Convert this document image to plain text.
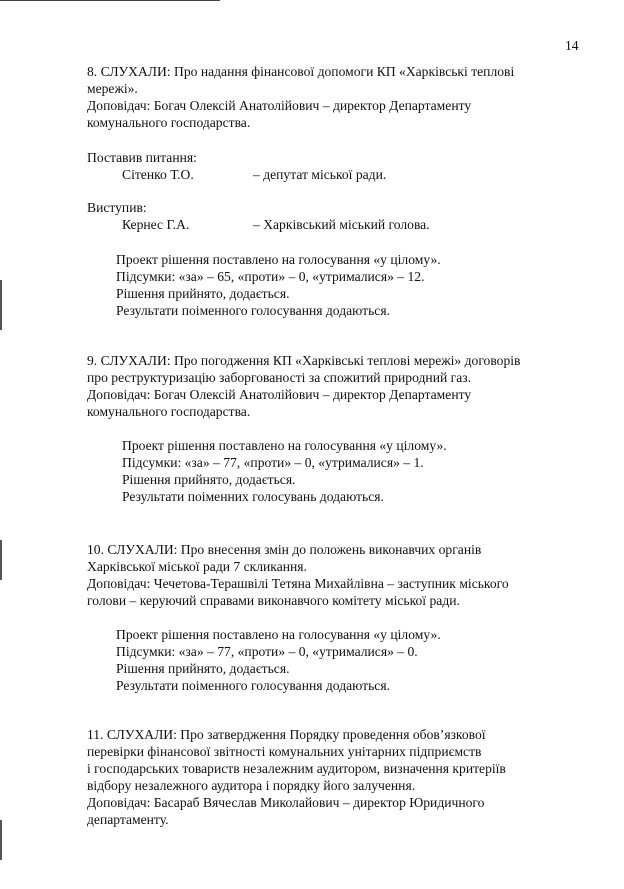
14
8. СЛУХАЛИ: Про надання фінансової допомоги КП «Харківські теплові
мережі».
Доповідач: Богач Олексій Анатолійович – директор Департаменту
комунального господарства.
Поставив питання:
Сітенко Т.О.	– депутат міської ради.
Виступив:
Кернес Г.А.	– Харківський міський голова.
Проект рішення поставлено на голосування «у цілому».
Підсумки: «за» – 65, «проти» – 0, «утрималися» – 12.
Рішення прийнято, додається.
Результати поіменного голосування додаються.
9. СЛУХАЛИ: Про погодження КП «Харківські теплові мережі» договорів
про реструктуризацію заборгованості за спожитий природний газ.
Доповідач: Богач Олексій Анатолійович – директор Департаменту
комунального господарства.
Проект рішення поставлено на голосування «у цілому».
Підсумки: «за» – 77, «проти» – 0, «утрималися» – 1.
Рішення прийнято, додається.
Результати поіменних голосувань додаються.
10. СЛУХАЛИ: Про внесення змін до положень виконавчих органів
Харківської міської ради 7 скликання.
Доповідач: Чечетова-Терашвілі Тетяна Михайлівна – заступник міського
голови – керуючий справами виконавчого комітету міської ради.
Проект рішення поставлено на голосування «у цілому».
Підсумки: «за» – 77, «проти» – 0, «утрималися» – 0.
Рішення прийнято, додається.
Результати поіменного голосування додаються.
11. СЛУХАЛИ: Про затвердження Порядку проведення обов’язкової
перевірки фінансової звітності комунальних унітарних підприємств
і господарських товариств незалежним аудитором, визначення критеріїв
відбору незалежного аудитора і порядку його залучення.
Доповідач: Басараб Вячеслав Миколайович – директор Юридичного
департаменту.
